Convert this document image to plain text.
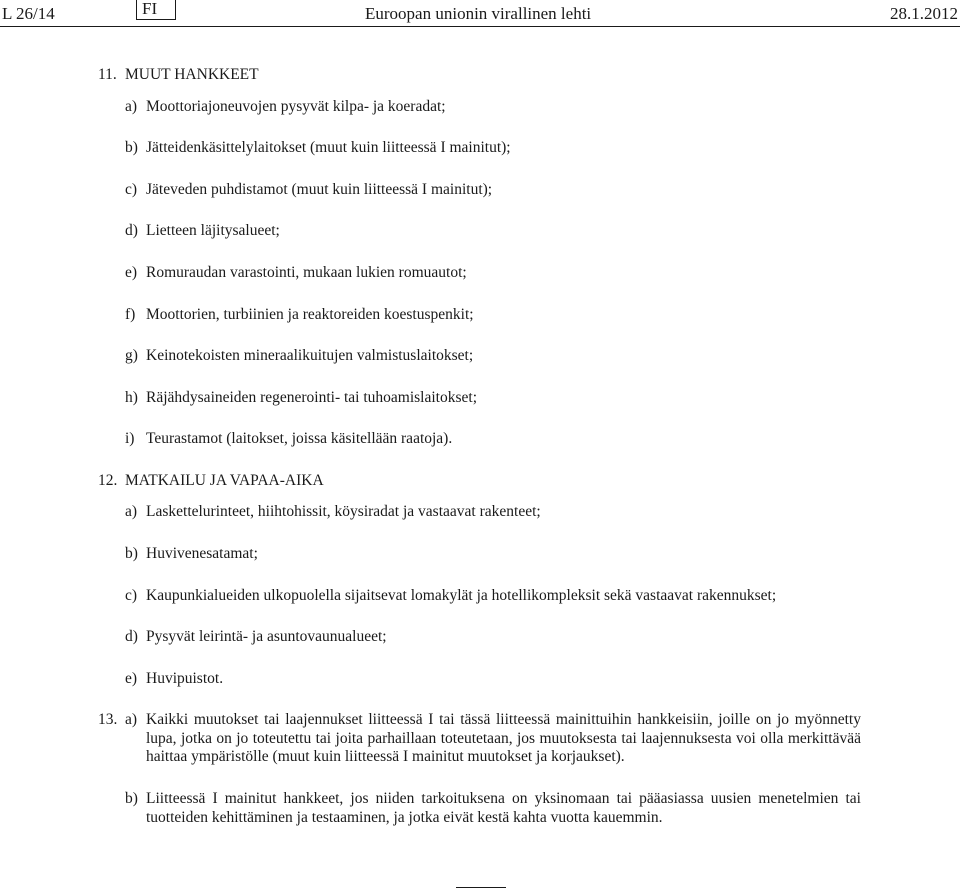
L 26/14	FI	Euroopan unionin virallinen lehti	28.1.2012
11. MUUT HANKKEET
a) Moottoriajoneuvojen pysyvät kilpa- ja koeradat;
b) Jätteidenkäsittelylaitokset (muut kuin liitteessä I mainitut);
c) Jäteveden puhdistamot (muut kuin liitteessä I mainitut);
d) Lietteen läjitysalueet;
e) Romuraudan varastointi, mukaan lukien romuautot;
f) Moottorien, turbiinien ja reaktoreiden koestuspenkit;
g) Keinotekoisten mineraalikuitujen valmistuslaitokset;
h) Räjähdysaineiden regenerointi- tai tuhoamislaitokset;
i) Teurastamot (laitokset, joissa käsitellään raatoja).
12. MATKAILU JA VAPAA-AIKA
a) Laskettelurinteet, hiihtohissit, köysiradat ja vastaavat rakenteet;
b) Huvivenesatamat;
c) Kaupunkialueiden ulkopuolella sijaitsevat lomakylät ja hotellikompleksit sekä vastaavat rakennukset;
d) Pysyvät leirintä- ja asuntovaunualueet;
e) Huvipuistot.
13. a) Kaikki muutokset tai laajennukset liitteessä I tai tässä liitteessä mainittuihin hankkeisiin, joille on jo myönnetty lupa, jotka on jo toteutettu tai joita parhaillaan toteutetaan, jos muutoksesta tai laajennuksesta voi olla merkittävää haittaa ympäristölle (muut kuin liitteessä I mainitut muutokset ja korjaukset).
b) Liitteessä I mainitut hankkeet, jos niiden tarkoituksena on yksinomaan tai pääasiassa uusien menetelmien tai tuotteiden kehittäminen ja testaaminen, ja jotka eivät kestä kahta vuotta kauemmin.
